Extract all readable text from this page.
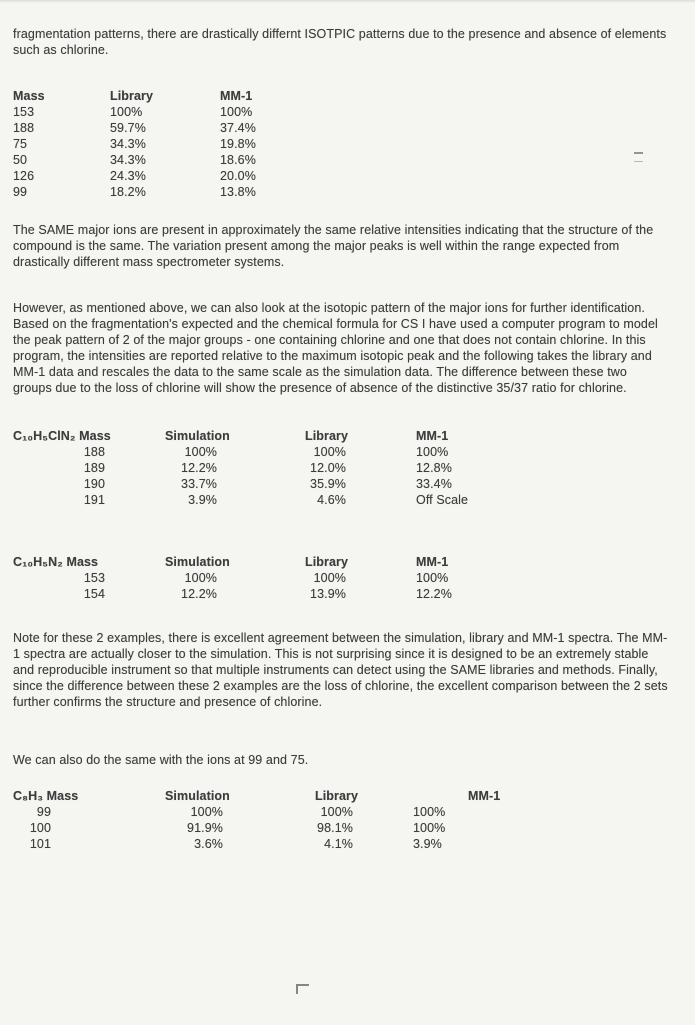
fragmentation patterns, there are drastically differnt ISOTPIC patterns due to the presence and absence of elements such as chlorine.

Mass	Library	MM-1
153	100%	100%
188	59.7%	37.4%
75	34.3%	19.8%
50	34.3%	18.6%
126	24.3%	20.0%
99	18.2%	13.8%

The SAME major ions are present in approximately the same relative intensities indicating that the structure of the compound is the same. The variation present among the major peaks is well within the range expected from drastically different mass spectrometer systems.

However, as mentioned above, we can also look at the isotopic pattern of the major ions for further identification. Based on the fragmentation's expected and the chemical formula for CS I have used a computer program to model the peak pattern of 2 of the major groups - one containing chlorine and one that does not contain chlorine. In this program, the intensities are reported relative to the maximum isotopic peak and the following takes the library and MM-1 data and rescales the data to the same scale as the simulation data. The difference between these two groups due to the loss of chlorine will show the presence of absence of the distinctive 35/37 ratio for chlorine.

C₁₀H₅ClN₂ Mass	Simulation	Library	MM-1
188	100%	100%	100%
189	12.2%	12.0%	12.8%
190	33.7%	35.9%	33.4%
191	3.9%	4.6%	Off Scale
C₁₀H₅N₂ Mass	Simulation	Library	MM-1
153	100%	100%	100%
154	12.2%	13.9%	12.2%

Note for these 2 examples, there is excellent agreement between the simulation, library and MM-1 spectra. The MM-1 spectra are actually closer to the simulation. This is not surprising since it is designed to be an extremely stable and reproducible instrument so that multiple instruments can detect using the SAME libraries and methods. Finally, since the difference between these 2 examples are the loss of chlorine, the excellent comparison between the 2 sets further confirms the structure and presence of chlorine.

We can also do the same with the ions at 99 and 75.

C₈H₃ Mass	Simulation	Library	MM-1
99	100%	100%	100%
100	91.9%	98.1%	100%
101	3.6%	4.1%	3.9%
